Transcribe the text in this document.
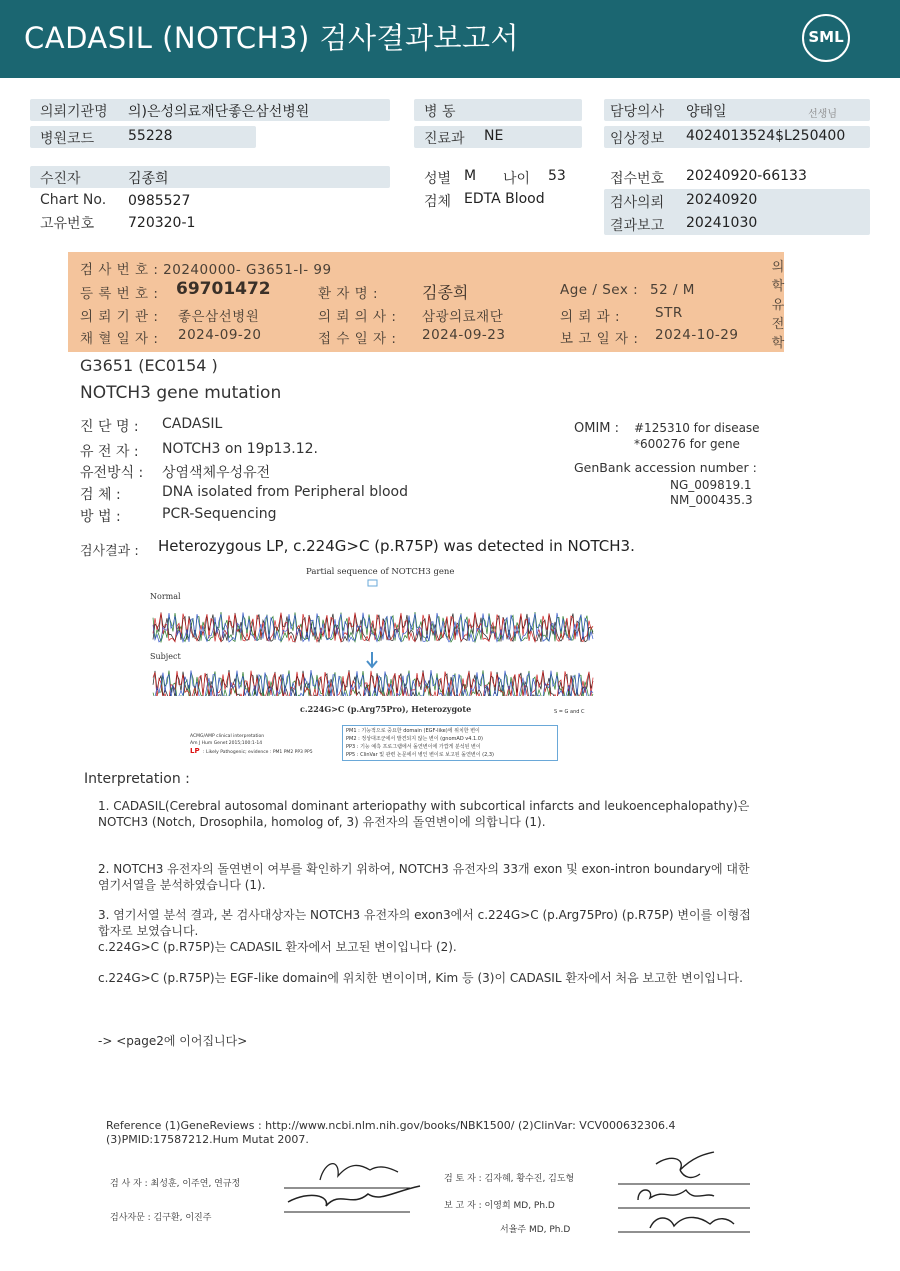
CADASIL (NOTCH3) 검사결과보고서	SML
의뢰기관명 의)은성의료재단좋은삼선병원
병원코드 55228
병 동
진료과 NE
담당의사 양태일	선생님
임상정보 4024013524$L250400
수진자	김종희
Chart No. 0985527
고유번호 720320-1
성별 M 나이 53
검체 EDTA Blood
접수번호 20240920-66133
검사의뢰 20240920
결과보고 20241030
검 사 번 호 : 20240000- G3651-I- 99
등 록 번 호 : 69701472	환 자 명 :	김종희	Age / Sex : 52 / M
의 뢰 기 관 : 좋은삼선병원	의 뢰 의 사 : 삼광의료재단	의 뢰 과 :	STR
채 혈 일 자 : 2024-09-20	접 수 일 자 : 2024-09-23	보 고 일 자 : 2024-10-29
의
학
유
전
학
G3651 (EC0154 )
NOTCH3 gene mutation
진 단 명 : CADASIL
유 전 자 : NOTCH3 on 19p13.12.
유전방식 : 상염색체우성유전
검 체 :	DNA isolated from Peripheral blood
방 법 :	PCR-Sequencing
OMIM : #125310 for disease
*600276 for gene
GenBank accession number :
NG_009819.1
NM_000435.3
검사결과 : Heterozygous LP, c.224G>C (p.R75P) was detected in NOTCH3.
Partial sequence of NOTCH3 gene
Normal
Subject
c.224G>C (p.Arg75Pro), Heterozygote	S = G and C
ACMG/AMP clinical interpretation
Am J Hum Genet 2015;100:1-14
LP : Likely Pathogenic; evidence : PM1 PM2 PP3 PP5
PM1 : 기능적으로 중요한 domain (EGF-like)에 위치한 변이
PM2 : 정상대조군에서 발견되지 않는 변이 (gnomAD v4.1.0)
PP3 : 기능 예측 프로그램에서 돌연변이에 가깝게 분석된 변이
PP5 : ClinVar 및 관련 논문에서 병인 변이로 보고된 돌연변이 (2,3)
Interpretation :
1. CADASIL(Cerebral autosomal dominant arteriopathy with subcortical infarcts and leukoencephalopathy)은 NOTCH3 (Notch, Drosophila, homolog of, 3) 유전자의 돌연변이에 의합니다 (1).
2. NOTCH3 유전자의 돌연변이 여부를 확인하기 위하여, NOTCH3 유전자의 33개 exon 및 exon-intron boundary에 대한 염기서열을 분석하였습니다 (1).
3. 염기서열 분석 결과, 본 검사대상자는 NOTCH3 유전자의 exon3에서 c.224G>C (p.Arg75Pro) (p.R75P) 변이를 이형접합자로 보였습니다.
c.224G>C (p.R75P)는 CADASIL 환자에서 보고된 변이입니다 (2).
c.224G>C (p.R75P)는 EGF-like domain에 위치한 변이이며, Kim 등 (3)이 CADASIL 환자에서 처음 보고한 변이입니다.
-> <page2에 이어집니다>
Reference (1)GeneReviews : http://www.ncbi.nlm.nih.gov/books/NBK1500/ (2)ClinVar: VCV000632306.4
(3)PMID:17587212.Hum Mutat 2007.
검 사 자 : 최성훈, 이주연, 연규정
검사자문 : 김구환, 이진주
검 토 자 : 김자혜, 황수진, 김도형
보 고 자 : 이영희 MD, Ph.D
서율주 MD, Ph.D
